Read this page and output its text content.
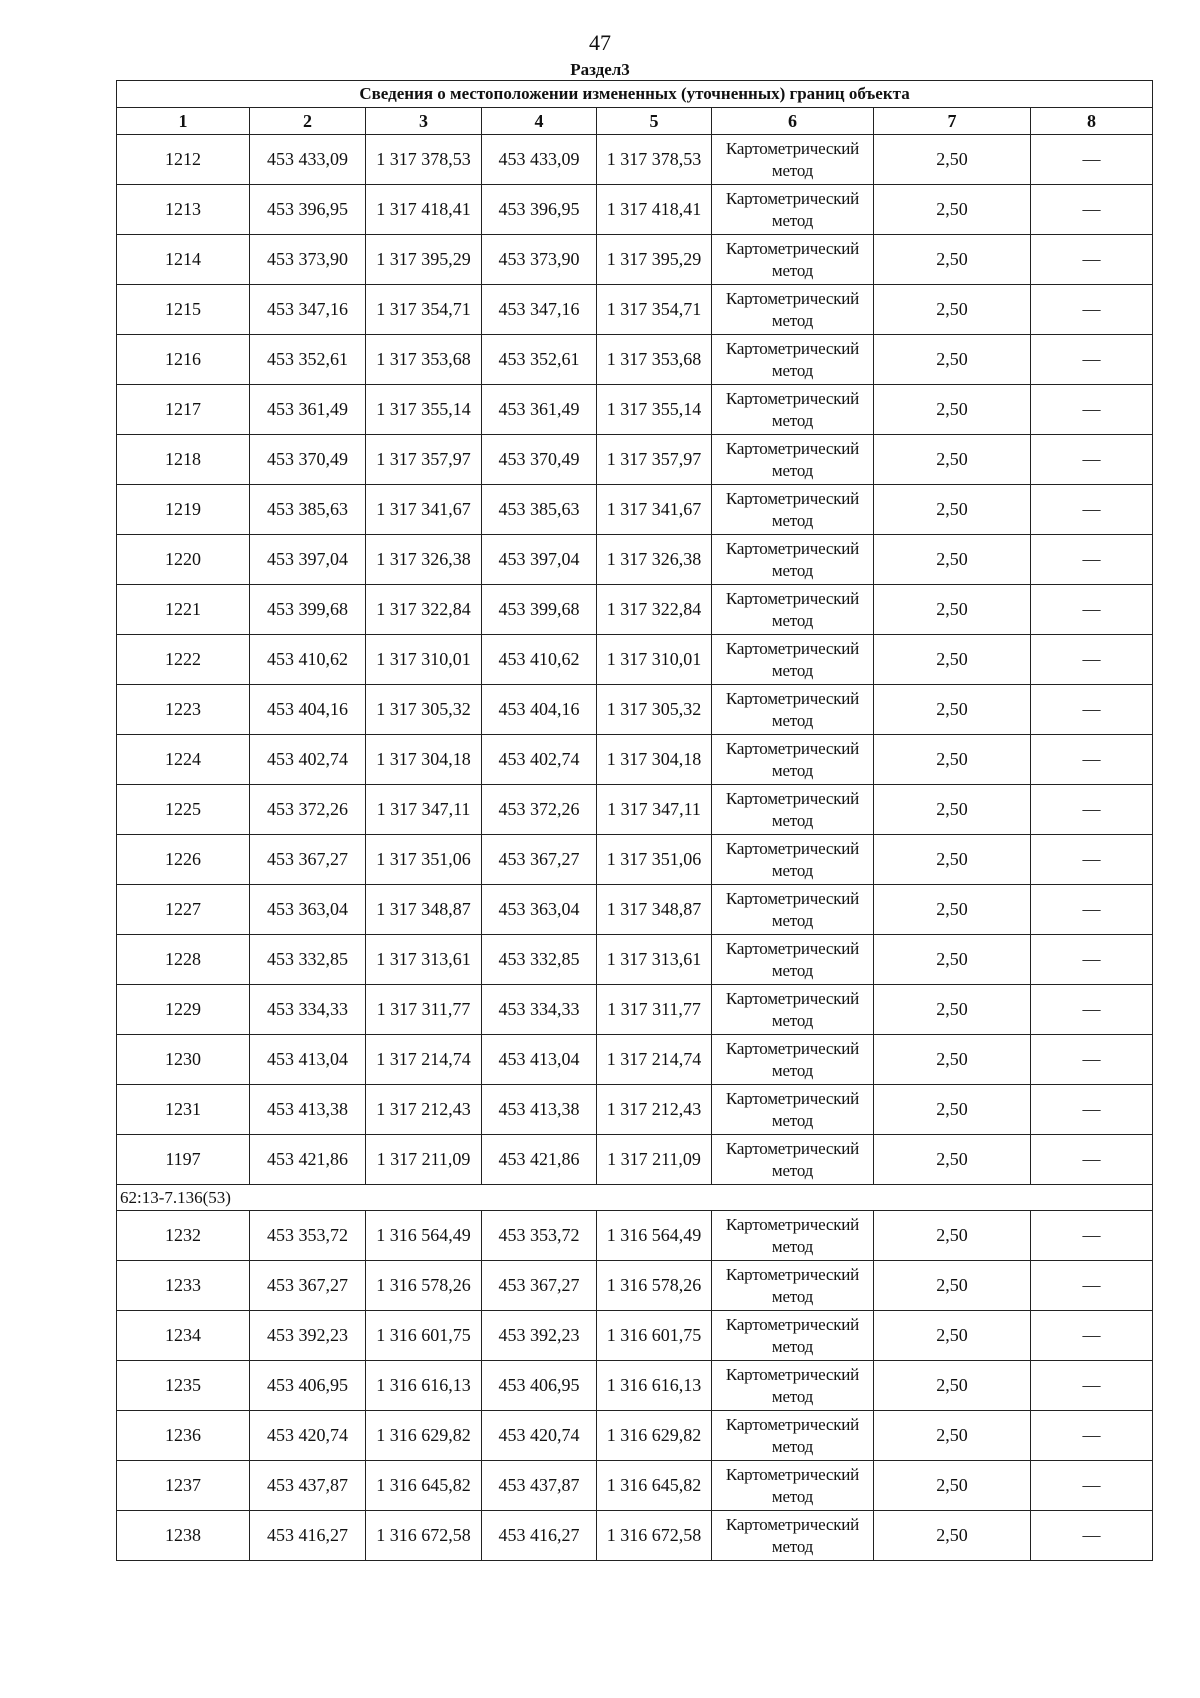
47
Раздел3
Сведения о местоположении измененных (уточненных) границ объекта							
1	2	3	4	5	6	7	8
1212	453 433,09	1 317 378,53	453 433,09	1 317 378,53	Картометрический метод	2,50	—
1213	453 396,95	1 317 418,41	453 396,95	1 317 418,41	Картометрический метод	2,50	—
1214	453 373,90	1 317 395,29	453 373,90	1 317 395,29	Картометрический метод	2,50	—
1215	453 347,16	1 317 354,71	453 347,16	1 317 354,71	Картометрический метод	2,50	—
1216	453 352,61	1 317 353,68	453 352,61	1 317 353,68	Картометрический метод	2,50	—
1217	453 361,49	1 317 355,14	453 361,49	1 317 355,14	Картометрический метод	2,50	—
1218	453 370,49	1 317 357,97	453 370,49	1 317 357,97	Картометрический метод	2,50	—
1219	453 385,63	1 317 341,67	453 385,63	1 317 341,67	Картометрический метод	2,50	—
1220	453 397,04	1 317 326,38	453 397,04	1 317 326,38	Картометрический метод	2,50	—
1221	453 399,68	1 317 322,84	453 399,68	1 317 322,84	Картометрический метод	2,50	—
1222	453 410,62	1 317 310,01	453 410,62	1 317 310,01	Картометрический метод	2,50	—
1223	453 404,16	1 317 305,32	453 404,16	1 317 305,32	Картометрический метод	2,50	—
1224	453 402,74	1 317 304,18	453 402,74	1 317 304,18	Картометрический метод	2,50	—
1225	453 372,26	1 317 347,11	453 372,26	1 317 347,11	Картометрический метод	2,50	—
1226	453 367,27	1 317 351,06	453 367,27	1 317 351,06	Картометрический метод	2,50	—
1227	453 363,04	1 317 348,87	453 363,04	1 317 348,87	Картометрический метод	2,50	—
1228	453 332,85	1 317 313,61	453 332,85	1 317 313,61	Картометрический метод	2,50	—
1229	453 334,33	1 317 311,77	453 334,33	1 317 311,77	Картометрический метод	2,50	—
1230	453 413,04	1 317 214,74	453 413,04	1 317 214,74	Картометрический метод	2,50	—
1231	453 413,38	1 317 212,43	453 413,38	1 317 212,43	Картометрический метод	2,50	—
1197	453 421,86	1 317 211,09	453 421,86	1 317 211,09	Картометрический метод	2,50	—
62:13-7.136(53)							
1232	453 353,72	1 316 564,49	453 353,72	1 316 564,49	Картометрический метод	2,50	—
1233	453 367,27	1 316 578,26	453 367,27	1 316 578,26	Картометрический метод	2,50	—
1234	453 392,23	1 316 601,75	453 392,23	1 316 601,75	Картометрический метод	2,50	—
1235	453 406,95	1 316 616,13	453 406,95	1 316 616,13	Картометрический метод	2,50	—
1236	453 420,74	1 316 629,82	453 420,74	1 316 629,82	Картометрический метод	2,50	—
1237	453 437,87	1 316 645,82	453 437,87	1 316 645,82	Картометрический метод	2,50	—
1238	453 416,27	1 316 672,58	453 416,27	1 316 672,58	Картометрический метод	2,50	—
